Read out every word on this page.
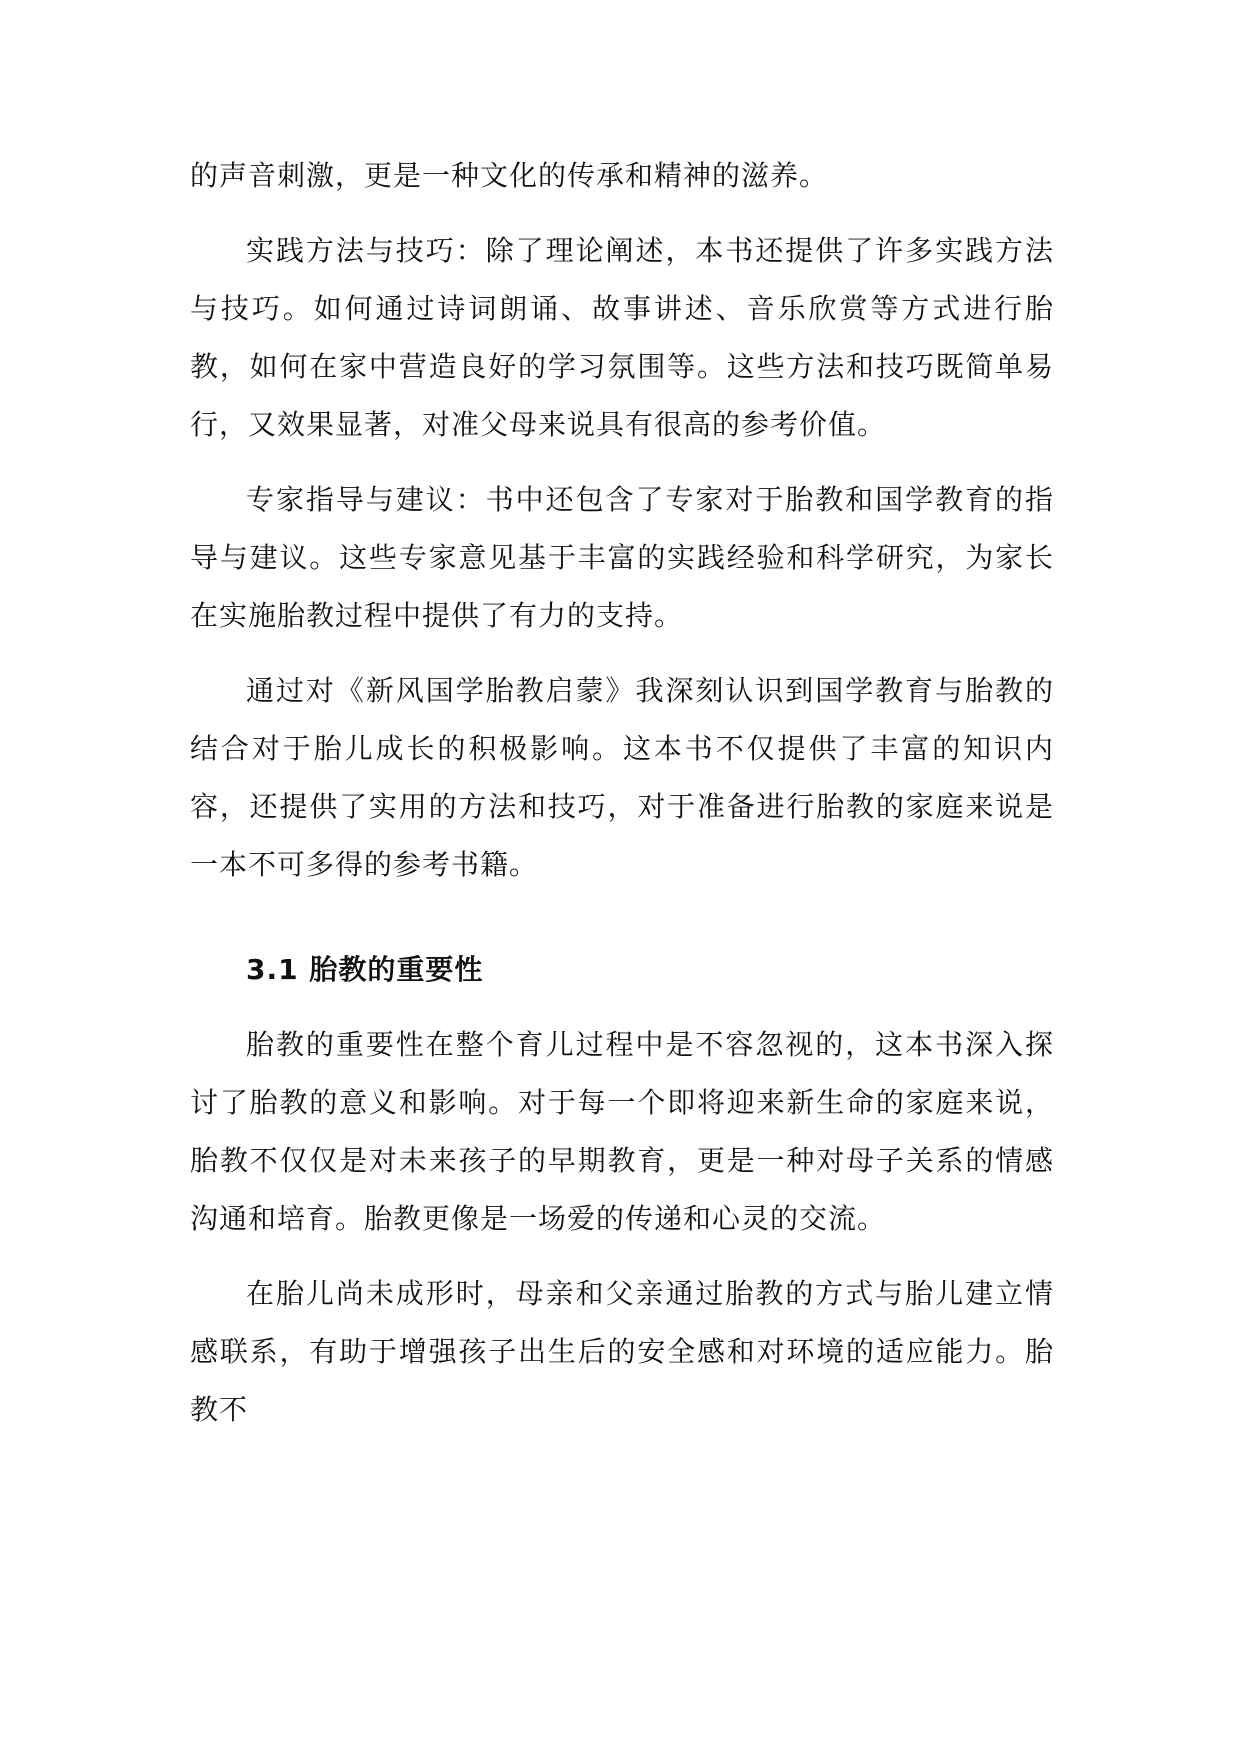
的声音刺激，更是一种文化的传承和精神的滋养。

实践方法与技巧：除了理论阐述，本书还提供了许多实践方法与技巧。如何通过诗词朗诵、故事讲述、音乐欣赏等方式进行胎教，如何在家中营造良好的学习氛围等。这些方法和技巧既简单易行，又效果显著，对准父母来说具有很高的参考价值。

专家指导与建议：书中还包含了专家对于胎教和国学教育的指导与建议。这些专家意见基于丰富的实践经验和科学研究，为家长在实施胎教过程中提供了有力的支持。

通过对《新风国学胎教启蒙》我深刻认识到国学教育与胎教的结合对于胎儿成长的积极影响。这本书不仅提供了丰富的知识内容，还提供了实用的方法和技巧，对于准备进行胎教的家庭来说是一本不可多得的参考书籍。

3.1 胎教的重要性

胎教的重要性在整个育儿过程中是不容忽视的，这本书深入探讨了胎教的意义和影响。对于每一个即将迎来新生命的家庭来说，胎教不仅仅是对未来孩子的早期教育，更是一种对母子关系的情感沟通和培育。胎教更像是一场爱的传递和心灵的交流。

在胎儿尚未成形时，母亲和父亲通过胎教的方式与胎儿建立情感联系，有助于增强孩子出生后的安全感和对环境的适应能力。胎教不
